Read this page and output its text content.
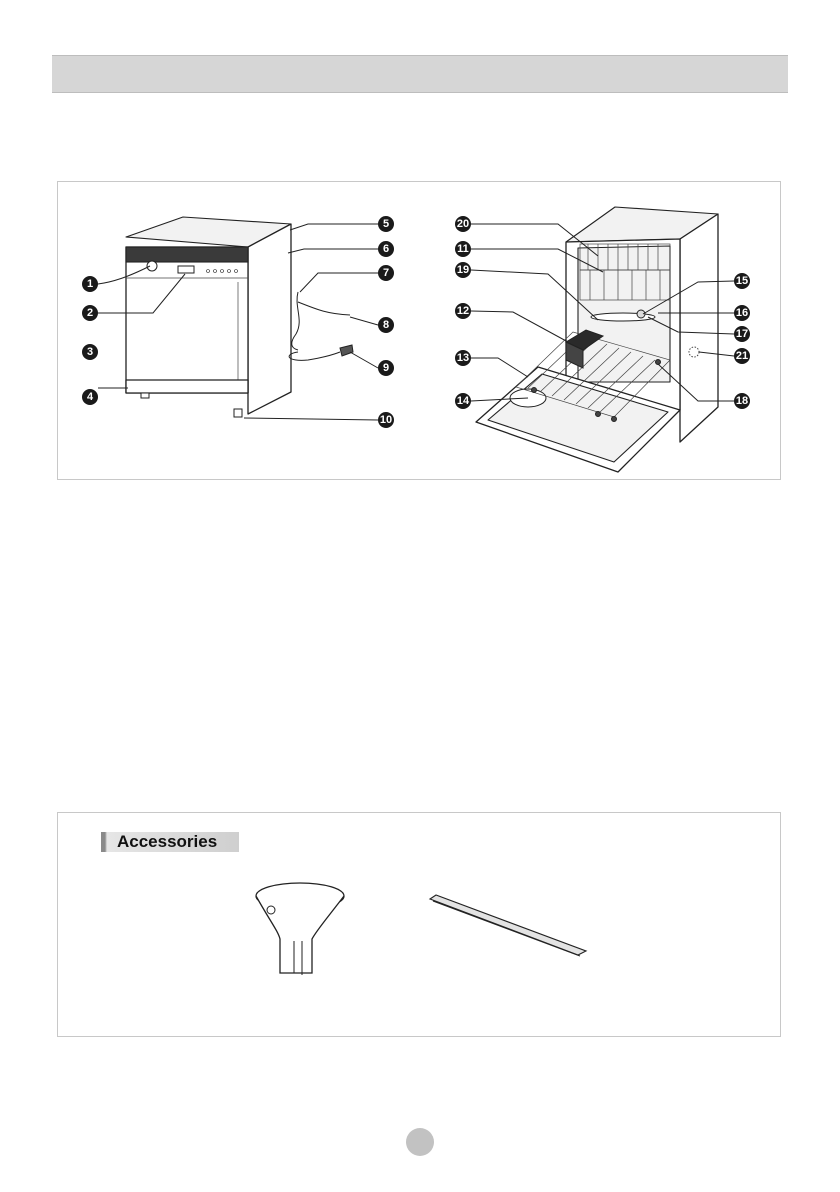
1
2
3
4
5
6
7
8
9
10
20
11
19
12
13
14
15
16
17
21
18
Accessories
